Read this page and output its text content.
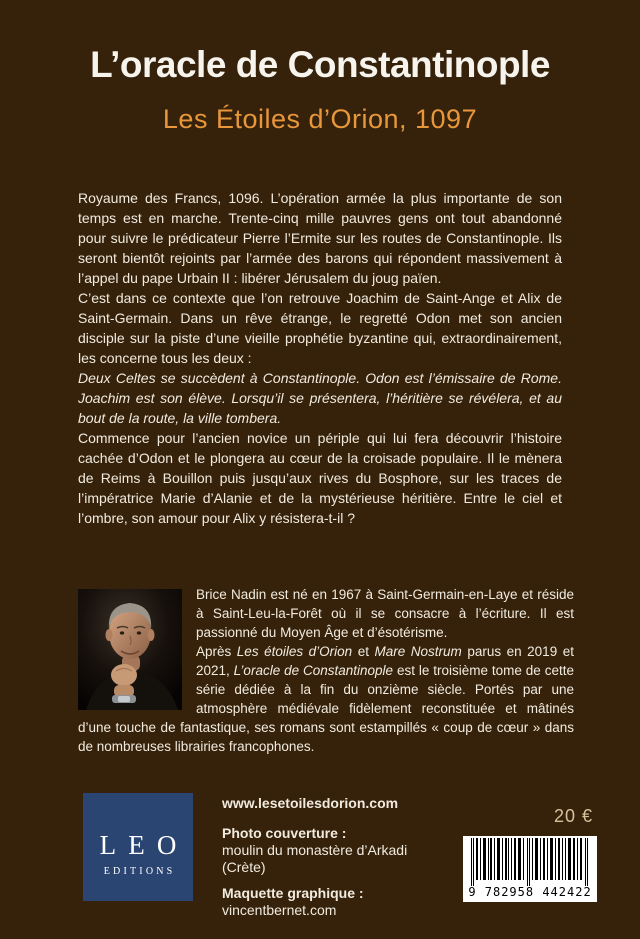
L’oracle de Constantinople
Les Étoiles d’Orion, 1097

Royaume des Francs, 1096. L’opération armée la plus importante de son temps est en marche. Trente-cinq mille pauvres gens ont tout abandonné pour suivre le prédicateur Pierre l’Ermite sur les routes de Constantinople. Ils seront bientôt rejoints par l’armée des barons qui répondent massivement à l’appel du pape Urbain II : libérer Jérusalem du joug païen.

C’est dans ce contexte que l’on retrouve Joachim de Saint-Ange et Alix de Saint-Germain. Dans un rêve étrange, le regretté Odon met son ancien disciple sur la piste d’une vieille prophétie byzantine qui, extraordinairement, les concerne tous les deux :

Deux Celtes se succèdent à Constantinople. Odon est l’émissaire de Rome. Joachim est son élève. Lorsqu’il se présentera, l’héritière se révélera, et au bout de la route, la ville tombera.

Commence pour l’ancien novice un périple qui lui fera découvrir l’histoire cachée d’Odon et le plongera au cœur de la croisade populaire. Il le mènera de Reims à Bouillon puis jusqu’aux rives du Bosphore, sur les traces de l’impératrice Marie d’Alanie et de la mystérieuse héritière. Entre le ciel et l’ombre, son amour pour Alix y résistera-t-il ?

Brice Nadin est né en 1967 à Saint-Germain-en-Laye et réside à Saint-Leu-la-Forêt où il se consacre à l’écriture. Il est passionné du Moyen Âge et d’ésotérisme.

Après Les étoiles d’Orion et Mare Nostrum parus en 2019 et 2021, L’oracle de Constantinople est le troisième tome de cette série dédiée à la fin du onzième siècle. Portés par une atmosphère médiévale fidèlement reconstituée et mâtinés d’une touche de fantastique, ses romans sont estampillés « coup de cœur » dans de nombreuses librairies francophones.

LEO
EDITIONS
www.lesetoilesdorion.com
Photo couverture :
moulin du monastère d’Arkadi (Crète)
Maquette graphique :
vincentbernet.com
20 €
9 782958 442422
